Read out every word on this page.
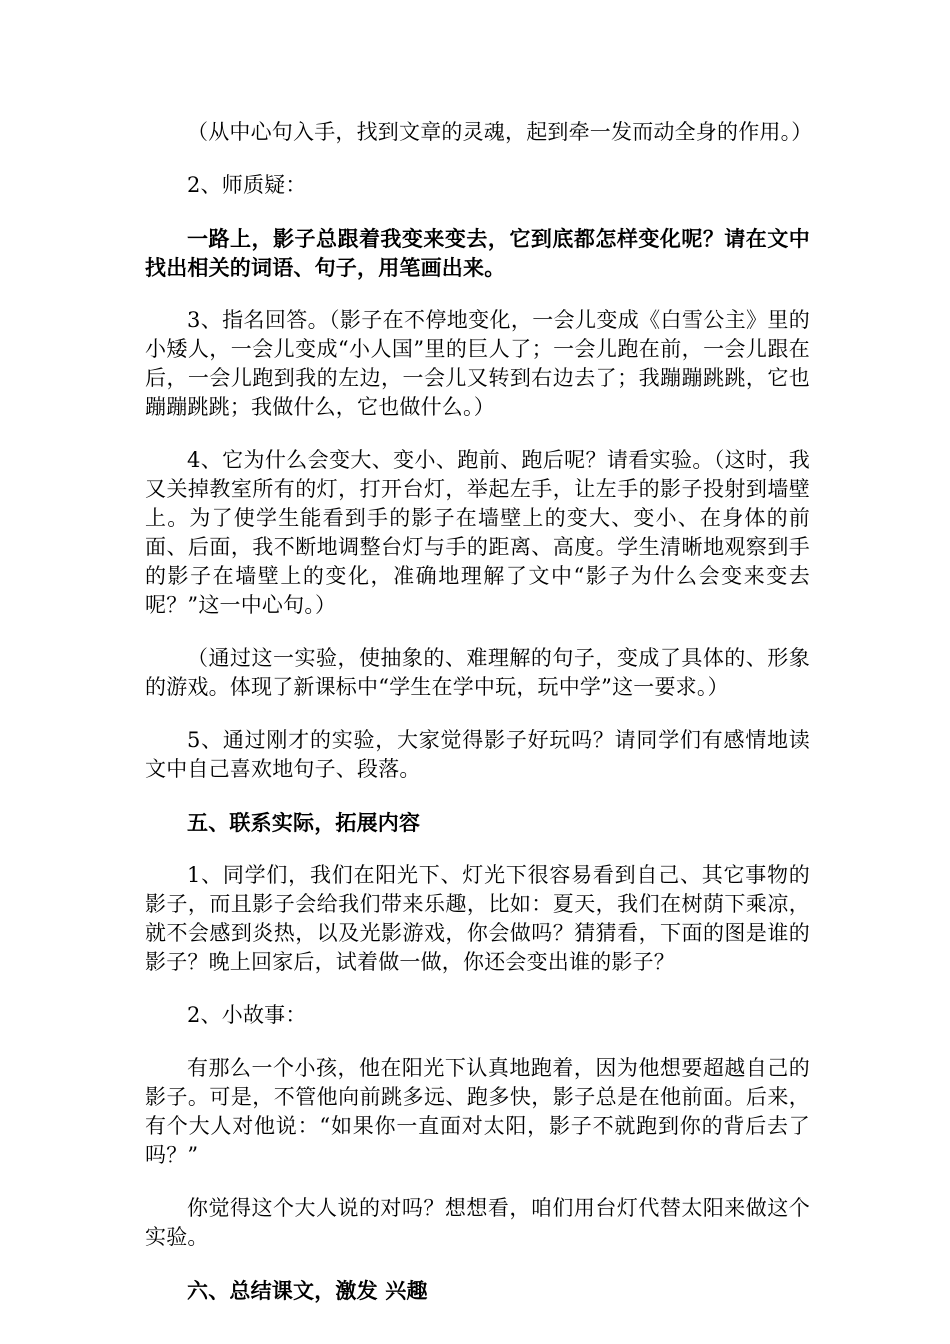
（从中心句入手，找到文章的灵魂，起到牵一发而动全身的作用。）

2、师质疑：

一路上，影子总跟着我变来变去，它到底都怎样变化呢？请在文中找出相关的词语、句子，用笔画出来。

3、指名回答。（影子在不停地变化，一会儿变成《白雪公主》里的小矮人，一会儿变成“小人国”里的巨人了；一会儿跑在前，一会儿跟在后，一会儿跑到我的左边，一会儿又转到右边去了；我蹦蹦跳跳，它也蹦蹦跳跳；我做什么，它也做什么。）

4、它为什么会变大、变小、跑前、跑后呢？请看实验。（这时，我又关掉教室所有的灯，打开台灯，举起左手，让左手的影子投射到墙壁上。为了使学生能看到手的影子在墙壁上的变大、变小、在身体的前面、后面，我不断地调整台灯与手的距离、高度。学生清晰地观察到手的影子在墙壁上的变化，准确地理解了文中“影子为什么会变来变去呢？”这一中心句。）

（通过这一实验，使抽象的、难理解的句子，变成了具体的、形象的游戏。体现了新课标中“学生在学中玩，玩中学”这一要求。）

5、通过刚才的实验，大家觉得影子好玩吗？请同学们有感情地读文中自己喜欢地句子、段落。

五、联系实际，拓展内容

1、同学们，我们在阳光下、灯光下很容易看到自己、其它事物的影子，而且影子会给我们带来乐趣，比如：夏天，我们在树荫下乘凉，就不会感到炎热，以及光影游戏，你会做吗？猜猜看，下面的图是谁的影子？晚上回家后，试着做一做，你还会变出谁的影子？

2、小故事：

有那么一个小孩，他在阳光下认真地跑着，因为他想要超越自己的影子。可是，不管他向前跳多远、跑多快，影子总是在他前面。后来，有个大人对他说：“如果你一直面对太阳，影子不就跑到你的背后去了吗？”

你觉得这个大人说的对吗？想想看，咱们用台灯代替太阳来做这个实验。

六、总结课文，激发 兴趣
